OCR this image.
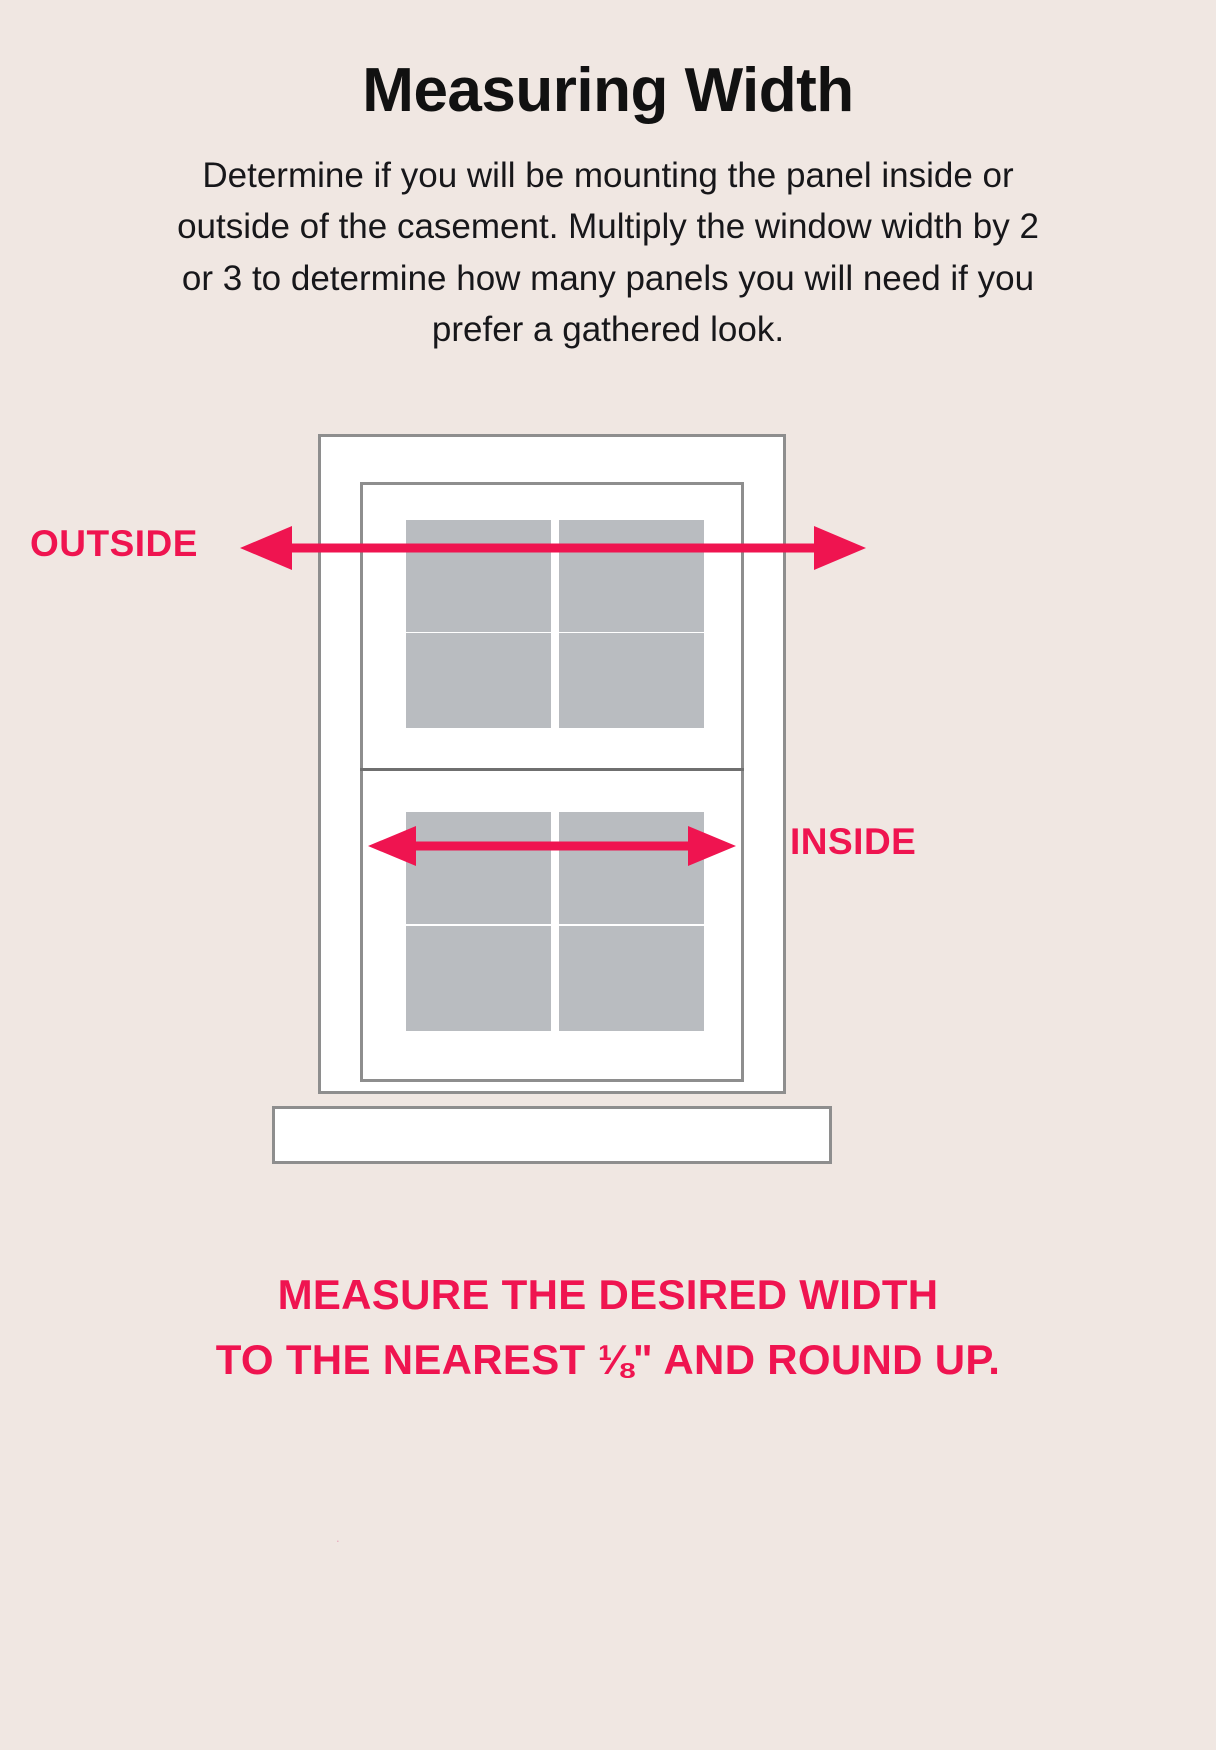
Measuring Width
Determine if you will be mounting the panel inside or outside of the casement. Multiply the window width by 2 or 3 to determine how many panels you will need if you prefer a gathered look.
OUTSIDE
INSIDE
MEASURE THE DESIRED WIDTH
TO THE NEAREST ⅛" AND ROUND UP.
.
